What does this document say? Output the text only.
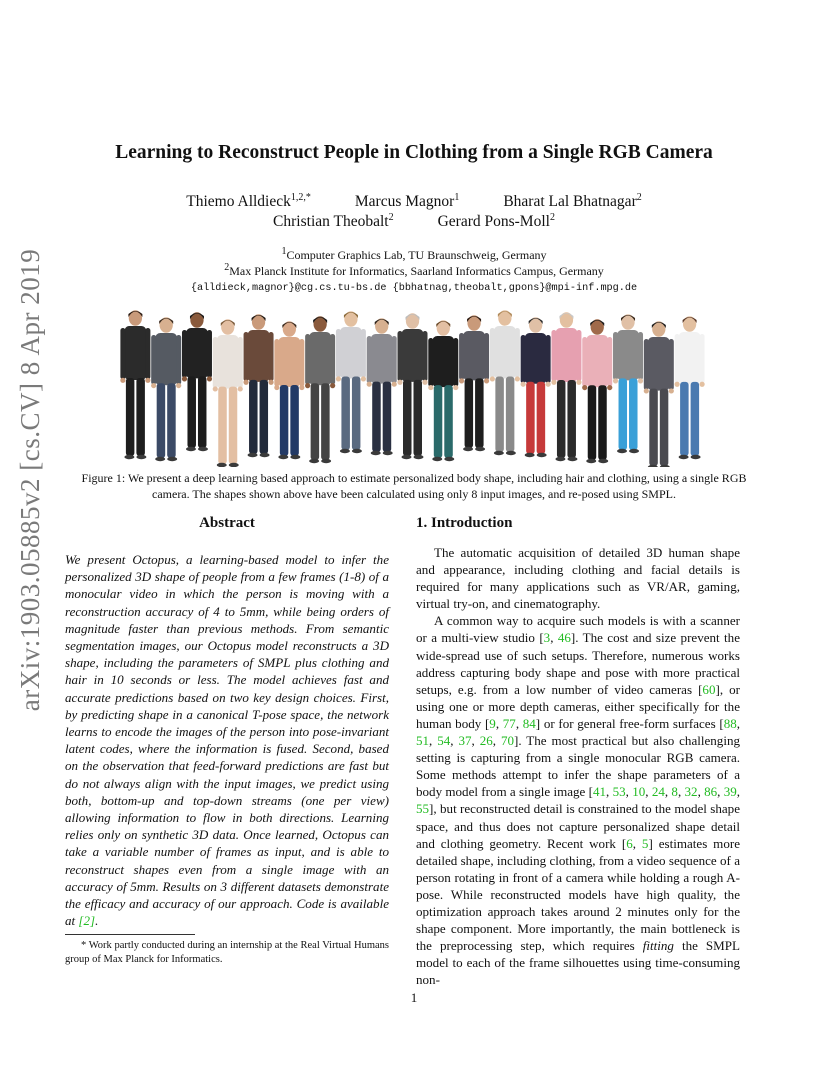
arXiv:1903.05885v2 [cs.CV] 8 Apr 2019
Learning to Reconstruct People in Clothing from a Single RGB Camera
Thiemo Alldieck$^{1,2,*}$	Marcus Magnor$^1$	Bharat Lal Bhatnagar$^2$
Christian Theobalt$^2$	Gerard Pons-Moll$^2$
$^1$Computer Graphics Lab, TU Braunschweig, Germany
$^2$Max Planck Institute for Informatics, Saarland Informatics Campus, Germany
{alldieck,magnor}@cg.cs.tu-bs.de {bbhatnag,theobalt,gpons}@mpi-inf.mpg.de
Figure 1: We present a deep learning based approach to estimate personalized body shape, including hair and clothing, using a single RGB camera. The shapes shown above have been calculated using only 8 input images, and re-posed using SMPL.
Abstract
We present Octopus, a learning-based model to infer the personalized 3D shape of people from a few frames (1-8) of a monocular video in which the person is moving with a reconstruction accuracy of 4 to 5mm, while being orders of magnitude faster than previous methods. From semantic segmentation images, our Octopus model reconstructs a 3D shape, including the parameters of SMPL plus clothing and hair in 10 seconds or less. The model achieves fast and accurate predictions based on two key design choices. First, by predicting shape in a canonical T-pose space, the network learns to encode the images of the person into pose-invariant latent codes, where the information is fused. Second, based on the observation that feed-forward predictions are fast but do not always align with the input images, we predict using both, bottom-up and top-down streams (one per view) allowing information to flow in both directions. Learning relies only on synthetic 3D data. Once learned, Octopus can take a variable number of frames as input, and is able to reconstruct shapes even from a single image with an accuracy of 5mm. Results on 3 different datasets demonstrate the efficacy and accuracy of our approach. Code is available at [2].
* Work partly conducted during an internship at the Real Virtual Humans group of Max Planck for Informatics.
1. Introduction

The automatic acquisition of detailed 3D human shape and appearance, including clothing and facial details is required for many applications such as VR/AR, gaming, virtual try-on, and cinematography.

A common way to acquire such models is with a scanner or a multi-view studio [3, 46]. The cost and size prevent the wide-spread use of such setups. Therefore, numerous works address capturing body shape and pose with more practical setups, e.g. from a low number of video cameras [60], or using one or more depth cameras, either specifically for the human body [9, 77, 84] or for general free-form surfaces [88, 51, 54, 37, 26, 70]. The most practical but also challenging setting is capturing from a single monocular RGB camera. Some methods attempt to infer the shape parameters of a body model from a single image [41, 53, 10, 24, 8, 32, 86, 39, 55], but reconstructed detail is constrained to the model shape space, and thus does not capture personalized shape detail and clothing geometry. Recent work [6, 5] estimates more detailed shape, including clothing, from a video sequence of a person rotating in front of a camera while holding a rough A-pose. While reconstructed models have high quality, the optimization approach takes around 2 minutes only for the shape component. More importantly, the main bottleneck is the preprocessing step, which requires fitting the SMPL model to each of the frame silhouettes using time-consuming non-

1
